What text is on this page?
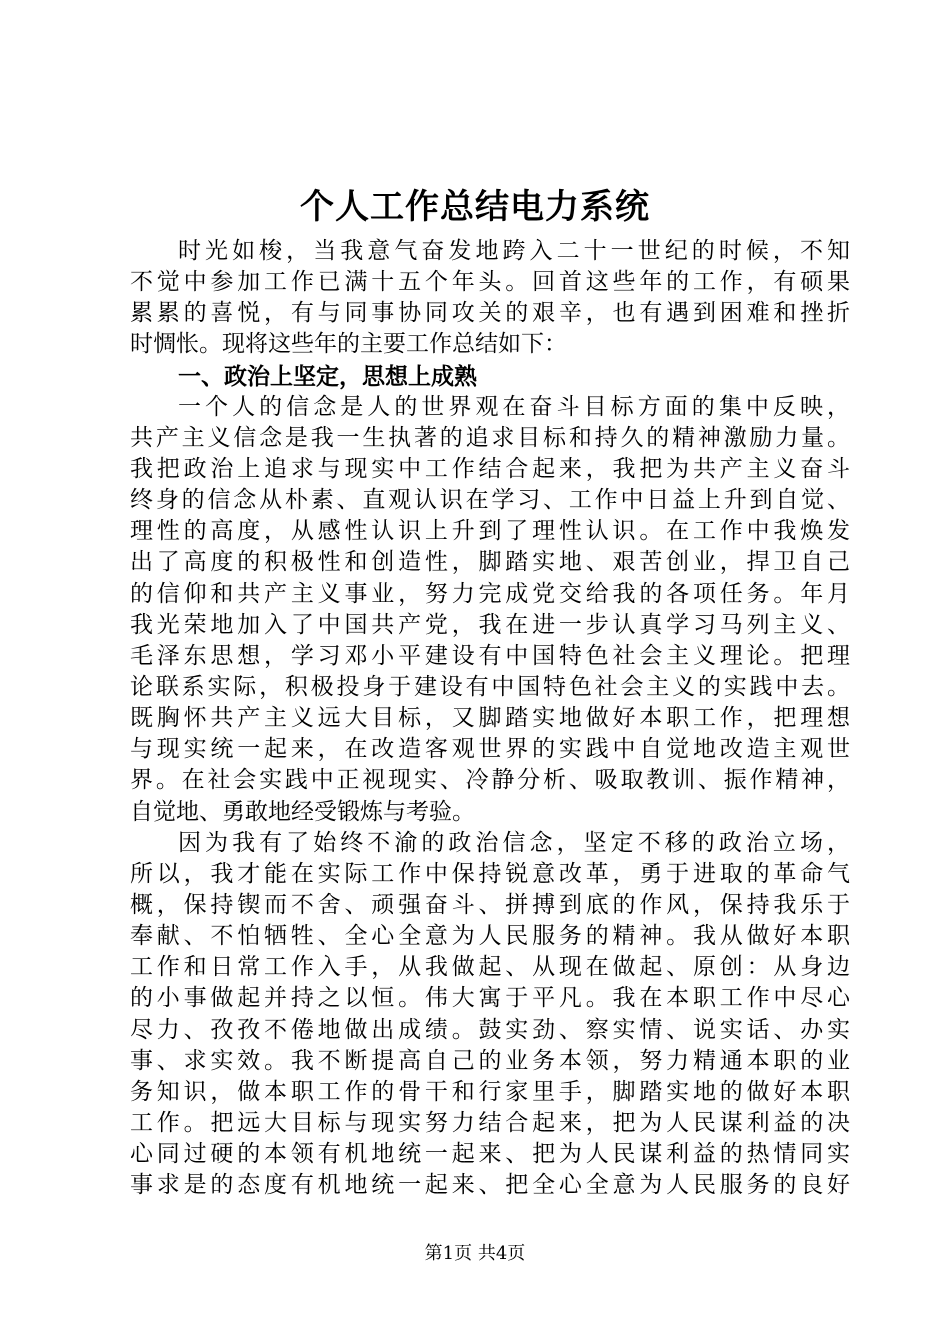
个人工作总结电力系统
时光如梭，当我意气奋发地跨入二十一世纪的时候，不知
不觉中参加工作已满十五个年头。回首这些年的工作，有硕果
累累的喜悦，有与同事协同攻关的艰辛，也有遇到困难和挫折
时惆怅。现将这些年的主要工作总结如下：
一、政治上坚定，思想上成熟
一个人的信念是人的世界观在奋斗目标方面的集中反映，
共产主义信念是我一生执著的追求目标和持久的精神激励力量。
我把政治上追求与现实中工作结合起来，我把为共产主义奋斗
终身的信念从朴素、直观认识在学习、工作中日益上升到自觉、
理性的高度，从感性认识上升到了理性认识。在工作中我焕发
出了高度的积极性和创造性，脚踏实地、艰苦创业，捍卫自己
的信仰和共产主义事业，努力完成党交给我的各项任务。年月
我光荣地加入了中国共产党，我在进一步认真学习马列主义、
毛泽东思想，学习邓小平建设有中国特色社会主义理论。把理
论联系实际，积极投身于建设有中国特色社会主义的实践中去。
既胸怀共产主义远大目标，又脚踏实地做好本职工作，把理想
与现实统一起来，在改造客观世界的实践中自觉地改造主观世
界。在社会实践中正视现实、冷静分析、吸取教训、振作精神，
自觉地、勇敢地经受锻炼与考验。
因为我有了始终不渝的政治信念，坚定不移的政治立场，
所以，我才能在实际工作中保持锐意改革，勇于进取的革命气
概，保持锲而不舍、顽强奋斗、拼搏到底的作风，保持我乐于
奉献、不怕牺牲、全心全意为人民服务的精神。我从做好本职
工作和日常工作入手，从我做起、从现在做起、原创：从身边
的小事做起并持之以恒。伟大寓于平凡。我在本职工作中尽心
尽力、孜孜不倦地做出成绩。鼓实劲、察实情、说实话、办实
事、求实效。我不断提高自己的业务本领，努力精通本职的业
务知识，做本职工作的骨干和行家里手，脚踏实地的做好本职
工作。把远大目标与现实努力结合起来，把为人民谋利益的决
心同过硬的本领有机地统一起来、把为人民谋利益的热情同实
事求是的态度有机地统一起来、把全心全意为人民服务的良好
第1页 共4页
